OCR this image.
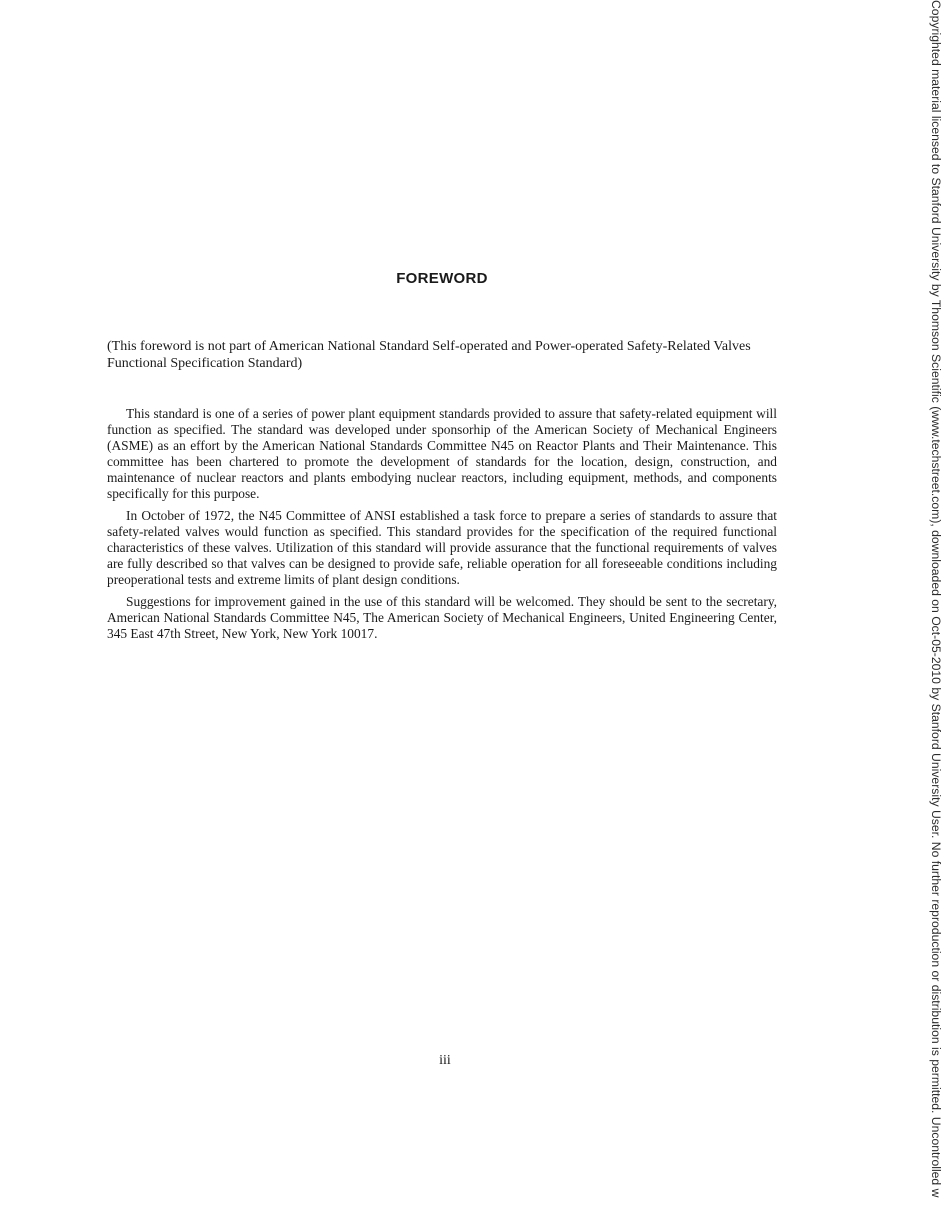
FOREWORD
(This foreword is not part of American National Standard Self-operated and Power-operated Safety-Related Valves Functional Specification Standard)

This standard is one of a series of power plant equipment standards provided to assure that safety-related equipment will function as specified. The standard was developed under sponsorhip of the American Society of Mechanical Engineers (ASME) as an effort by the American National Standards Committee N45 on Reactor Plants and Their Maintenance. This committee has been chartered to promote the development of standards for the location, design, construction, and maintenance of nuclear reactors and plants embodying nuclear reactors, including equipment, methods, and components specifically for this purpose.

In October of 1972, the N45 Committee of ANSI established a task force to prepare a series of standards to assure that safety-related valves would function as specified. This standard provides for the specification of the required functional characteristics of these valves. Utilization of this standard will provide assurance that the functional requirements of valves are fully described so that valves can be designed to provide safe, reliable operation for all foreseeable conditions including preoperational tests and extreme limits of plant design conditions.

Suggestions for improvement gained in the use of this standard will be welcomed. They should be sent to the secretary, American National Standards Committee N45, The American Society of Mechanical Engineers, United Engineering Center, 345 East 47th Street, New York, New York 10017.

iii	Copyrighted material licensed to Stanford University by Thomson Scientific (www.techstreet.com), downloaded on Oct-05-2010 by Stanford University User. No further reproduction or distribution is permitted. Uncontrolled w
